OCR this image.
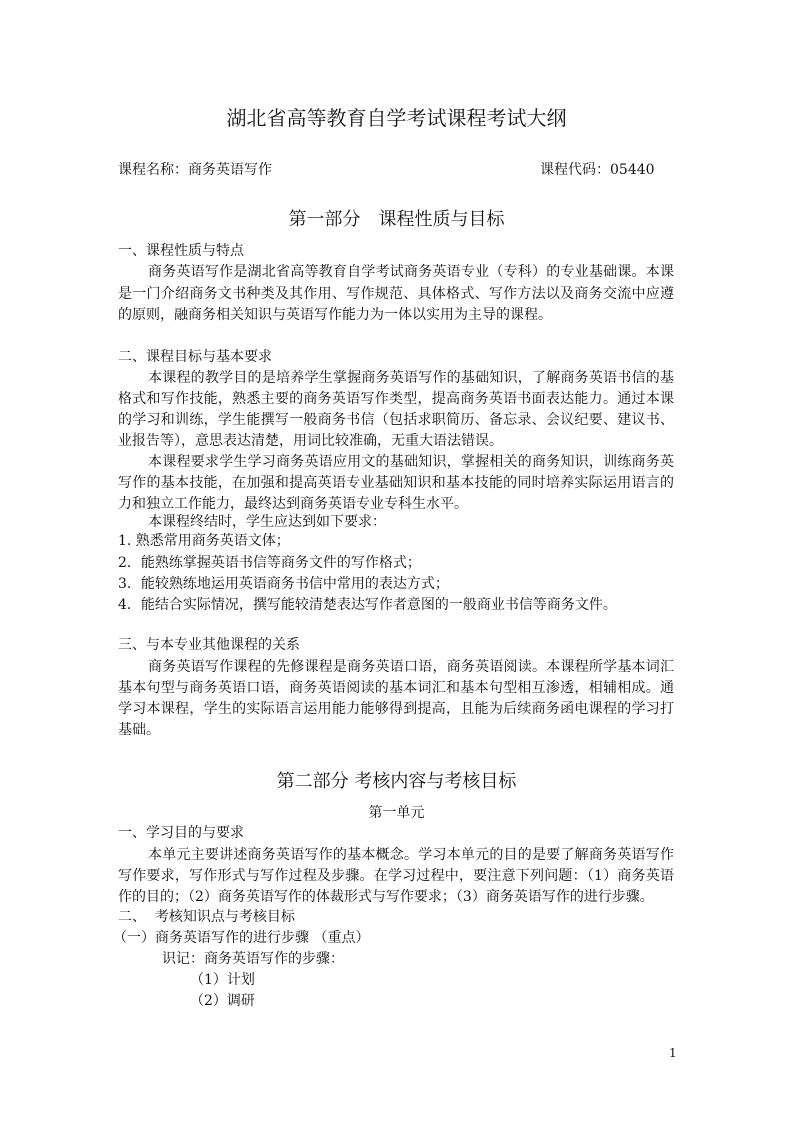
湖北省高等教育自学考试课程考试大纲
课程名称：商务英语写作	课程代码：05440
第一部分　课程性质与目标
一、课程性质与特点
商务英语写作是湖北省高等教育自学考试商务英语专业（专科）的专业基础课。本课
是一门介绍商务文书种类及其作用、写作规范、具体格式、写作方法以及商务交流中应遵
的原则，融商务相关知识与英语写作能力为一体以实用为主导的课程。
二、课程目标与基本要求
本课程的教学目的是培养学生掌握商务英语写作的基础知识，了解商务英语书信的基
格式和写作技能，熟悉主要的商务英语写作类型，提高商务英语书面表达能力。通过本课
的学习和训练，学生能撰写一般商务书信（包括求职简历、备忘录、会议纪要、建议书、
业报告等），意思表达清楚，用词比较准确，无重大语法错误。
本课程要求学生学习商务英语应用文的基础知识，掌握相关的商务知识，训练商务英
写作的基本技能，在加强和提高英语专业基础知识和基本技能的同时培养实际运用语言的
力和独立工作能力，最终达到商务英语专业专科生水平。
本课程终结时，学生应达到如下要求：
1. 熟悉常用商务英语文体；
2．能熟练掌握英语书信等商务文件的写作格式；
3．能较熟练地运用英语商务书信中常用的表达方式；
4．能结合实际情况，撰写能较清楚表达写作者意图的一般商业书信等商务文件。
三、与本专业其他课程的关系
商务英语写作课程的先修课程是商务英语口语，商务英语阅读。本课程所学基本词汇
基本句型与商务英语口语，商务英语阅读的基本词汇和基本句型相互渗透，相辅相成。通
学习本课程，学生的实际语言运用能力能够得到提高，且能为后续商务函电课程的学习打
基础。
第二部分 考核内容与考核目标
第一单元
一、学习目的与要求
本单元主要讲述商务英语写作的基本概念。学习本单元的目的是要了解商务英语写作
写作要求，写作形式与写作过程及步骤。在学习过程中，要注意下列问题：（1）商务英语
作的目的；（2）商务英语写作的体裁形式与写作要求；（3）商务英语写作的进行步骤。
二、  考核知识点与考核目标
（一）商务英语写作的进行步骤 （重点）
识记：商务英语写作的步骤：
（1）计划
（2）调研
1
